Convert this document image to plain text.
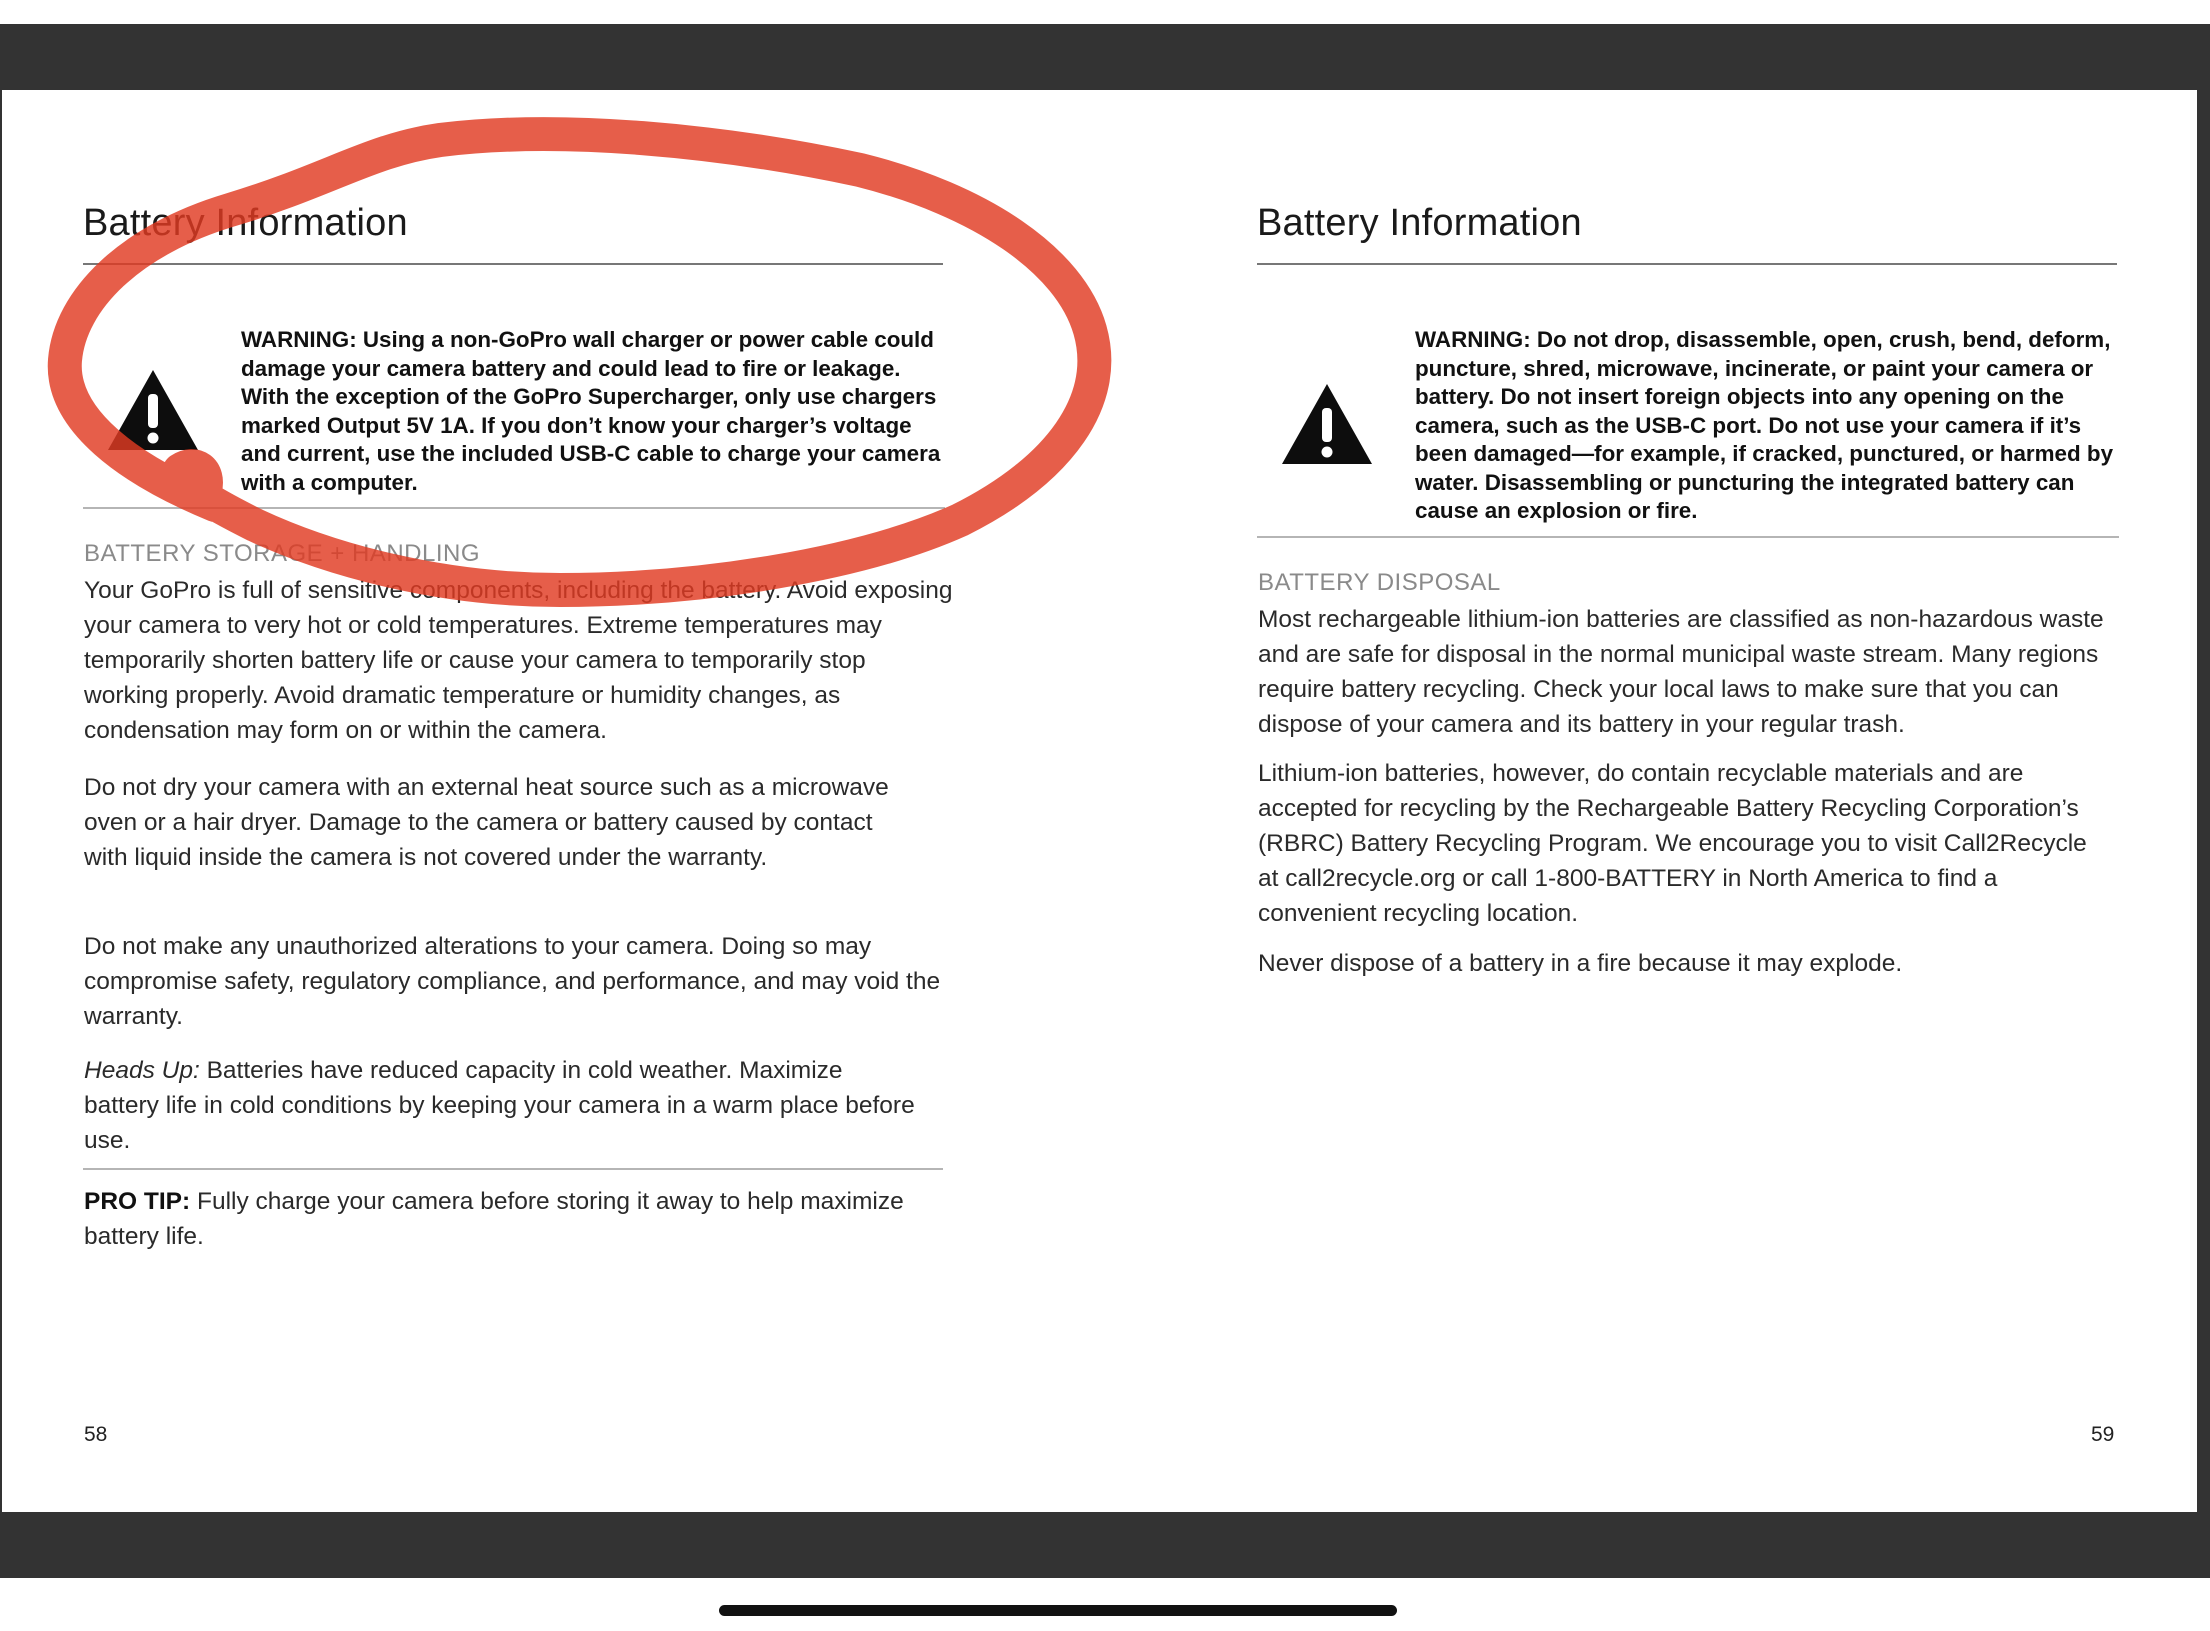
Battery Information

WARNING: Using a non-GoPro wall charger or power cable could damage your camera battery and could lead to fire or leakage. With the exception of the GoPro Supercharger, only use chargers marked Output 5V 1A. If you don’t know your charger’s voltage and current, use the included USB-C cable to charge your camera with a computer.

BATTERY STORAGE + HANDLING

Your GoPro is full of sensitive components, including the battery. Avoid exposing your camera to very hot or cold temperatures. Extreme temperatures may temporarily shorten battery life or cause your camera to temporarily stop working properly. Avoid dramatic temperature or humidity changes, as condensation may form on or within the camera.

Do not dry your camera with an external heat source such as a microwave oven or a hair dryer. Damage to the camera or battery caused by contact with liquid inside the camera is not covered under the warranty.

Do not make any unauthorized alterations to your camera. Doing so may compromise safety, regulatory compliance, and performance, and may void the warranty.

Heads Up: Batteries have reduced capacity in cold weather. Maximize battery life in cold conditions by keeping your camera in a warm place before use.

PRO TIP: Fully charge your camera before storing it away to help maximize battery life.

58
Battery Information

WARNING: Do not drop, disassemble, open, crush, bend, deform, puncture, shred, microwave, incinerate, or paint your camera or battery. Do not insert foreign objects into any opening on the camera, such as the USB-C port. Do not use your camera if it’s been damaged—for example, if cracked, punctured, or harmed by water. Disassembling or puncturing the integrated battery can cause an explosion or fire.

BATTERY DISPOSAL

Most rechargeable lithium-ion batteries are classified as non-hazardous waste and are safe for disposal in the normal municipal waste stream. Many regions require battery recycling. Check your local laws to make sure that you can dispose of your camera and its battery in your regular trash.

Lithium-ion batteries, however, do contain recyclable materials and are accepted for recycling by the Rechargeable Battery Recycling Corporation’s (RBRC) Battery Recycling Program. We encourage you to visit Call2Recycle at call2recycle.org or call 1-800-BATTERY in North America to find a convenient recycling location.

Never dispose of a battery in a fire because it may explode.

59
